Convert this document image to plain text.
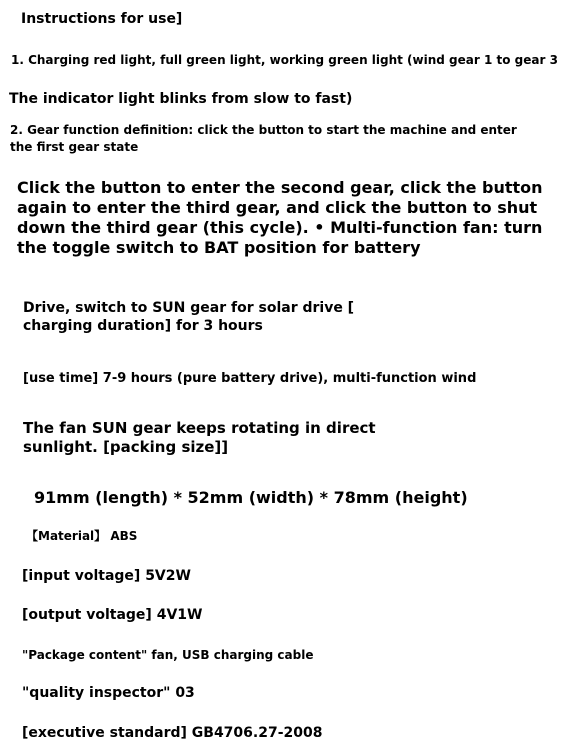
Instructions for use]
1. Charging red light, full green light, working green light (wind gear 1 to gear 3
The indicator light blinks from slow to fast)
2. Gear function definition: click the button to start the machine and enter
the first gear state
Click the button to enter the second gear, click the button
again to enter the third gear, and click the button to shut
down the third gear (this cycle). • Multi-function fan: turn
the toggle switch to BAT position for battery
Drive, switch to SUN gear for solar drive [
charging duration] for 3 hours
[use time] 7-9 hours (pure battery drive), multi-function wind
The fan SUN gear keeps rotating in direct
sunlight. [packing size]]
91mm (length) * 52mm (width) * 78mm (height)
【Material】 ABS
[input voltage] 5V2W
[output voltage] 4V1W
"Package content" fan, USB charging cable
"quality inspector" 03
[executive standard] GB4706.27-2008
